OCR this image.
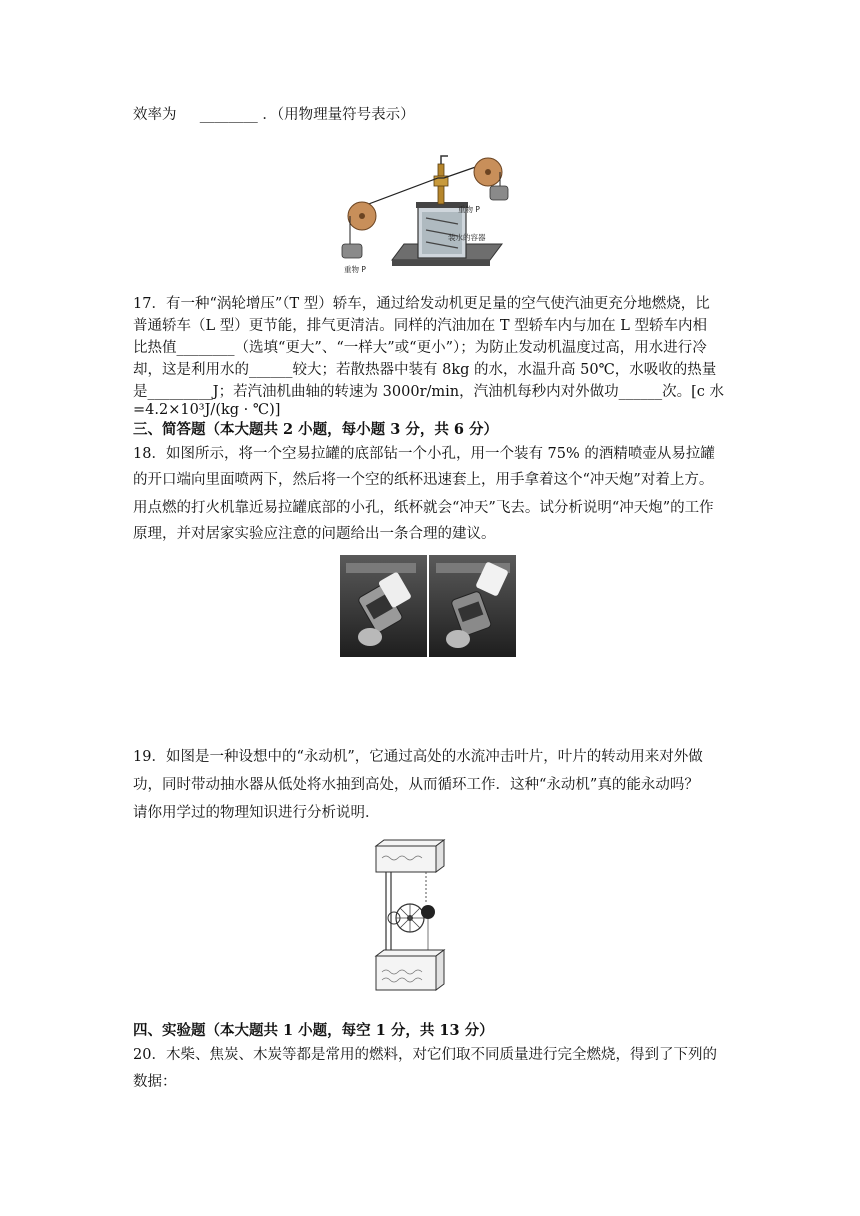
效率为 ________ ．（用物理量符号表示）
重物 P
重物 P
装水的容器
17．有一种“涡轮增压”（T 型）轿车，通过给发动机更足量的空气使汽油更充分地燃烧，比
普通轿车（L 型）更节能，排气更清洁。同样的汽油加在 T 型轿车内与加在 L 型轿车内相
比热值________（选填“更大”、“一样大”或“更小”）；为防止发动机温度过高，用水进行冷
却，这是利用水的______较大；若散热器中装有 8kg 的水，水温升高 50℃，水吸收的热量
是_________J；若汽油机曲轴的转速为 3000r/min，汽油机每秒内对外做功______次。[c 水
=4.2×10³J/(kg · ℃)]
三、简答题（本大题共 2 小题，每小题 3 分，共 6 分）
18．如图所示，将一个空易拉罐的底部钻一个小孔，用一个装有 75% 的酒精喷壶从易拉罐
的开口端向里面喷两下，然后将一个空的纸杯迅速套上，用手拿着这个“冲天炮”对着上方。
用点燃的打火机靠近易拉罐底部的小孔，纸杯就会“冲天”飞去。试分析说明“冲天炮”的工作
原理，并对居家实验应注意的问题给出一条合理的建议。
19．如图是一种设想中的“永动机”，它通过高处的水流冲击叶片，叶片的转动用来对外做
功，同时带动抽水器从低处将水抽到高处，从而循环工作．这种“永动机”真的能永动吗？
请你用学过的物理知识进行分析说明．
四、实验题（本大题共 1 小题，每空 1 分，共 13 分）
20．木柴、焦炭、木炭等都是常用的燃料，对它们取不同质量进行完全燃烧，得到了下列的
数据：
